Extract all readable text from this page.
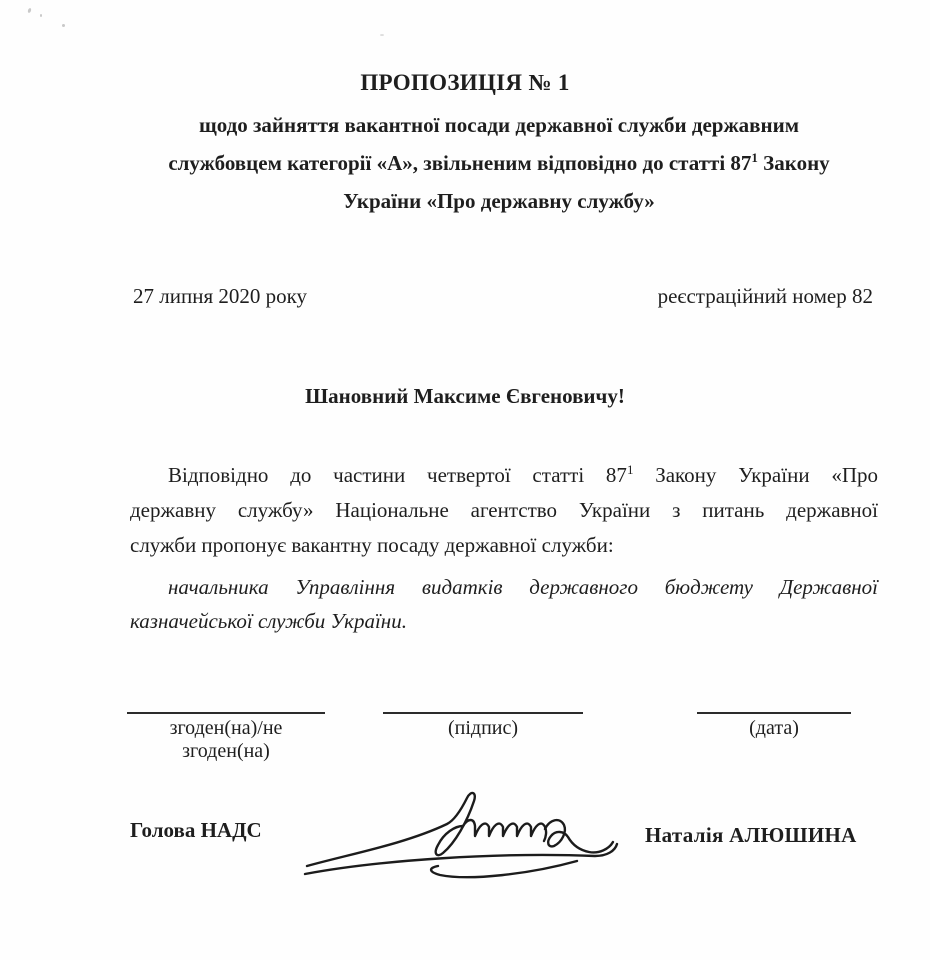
ПРОПОЗИЦІЯ № 1
щодо зайняття вакантної посади державної служби державним
службовцем категорії «А», звільненим відповідно до статті $87^1$ Закону
України «Про державну службу»
27 липня 2020 року	реєстраційний номер 82
Шановний Максиме Євгеновичу!
Відповідно до частини четвертої статті $87^1$ Закону України «Про
державну службу» Національне агентство України з питань державної
служби пропонує вакантну посаду державної служби:
начальника Управління видатків державного бюджету Державної
казначейської служби України.
згоден(на)/не згоден(на)
(підпис)	(дата)
Голова НАДС	Наталія АЛЮШИНА
